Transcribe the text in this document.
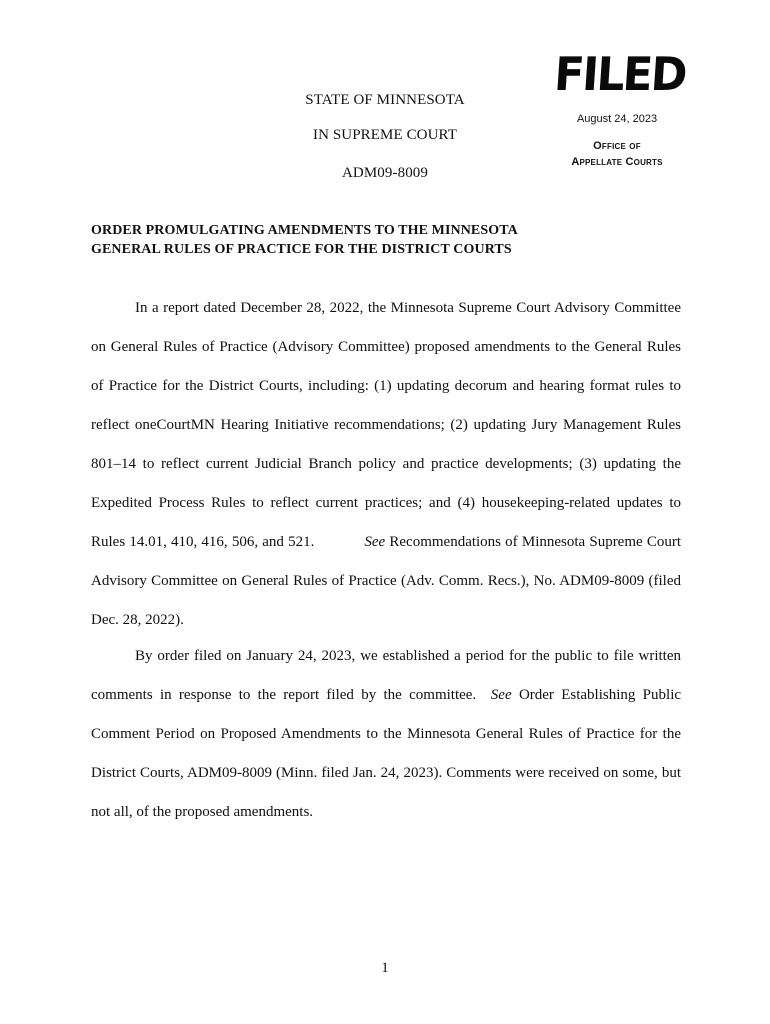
STATE OF MINNESOTA
IN SUPREME COURT
ADM09-8009
FILED
August 24, 2023
Office of
Appellate Courts
ORDER PROMULGATING AMENDMENTS TO THE MINNESOTA
GENERAL RULES OF PRACTICE FOR THE DISTRICT COURTS

In a report dated December 28, 2022, the Minnesota Supreme Court Advisory Committee on General Rules of Practice (Advisory Committee) proposed amendments to the General Rules of Practice for the District Courts, including: (1) updating decorum and hearing format rules to reflect oneCourtMN Hearing Initiative recommendations; (2) updating Jury Management Rules 801–14 to reflect current Judicial Branch policy and practice developments; (3) updating the Expedited Process Rules to reflect current practices; and (4) housekeeping-related updates to Rules 14.01, 410, 416, 506, and 521.	See Recommendations of Minnesota Supreme Court Advisory Committee on General Rules of Practice (Adv. Comm. Recs.), No. ADM09-8009 (filed Dec. 28, 2022).

By order filed on January 24, 2023, we established a period for the public to file written comments in response to the report filed by the committee. See Order Establishing Public Comment Period on Proposed Amendments to the Minnesota General Rules of Practice for the District Courts, ADM09-8009 (Minn. filed Jan. 24, 2023). Comments were received on some, but not all, of the proposed amendments.

1
